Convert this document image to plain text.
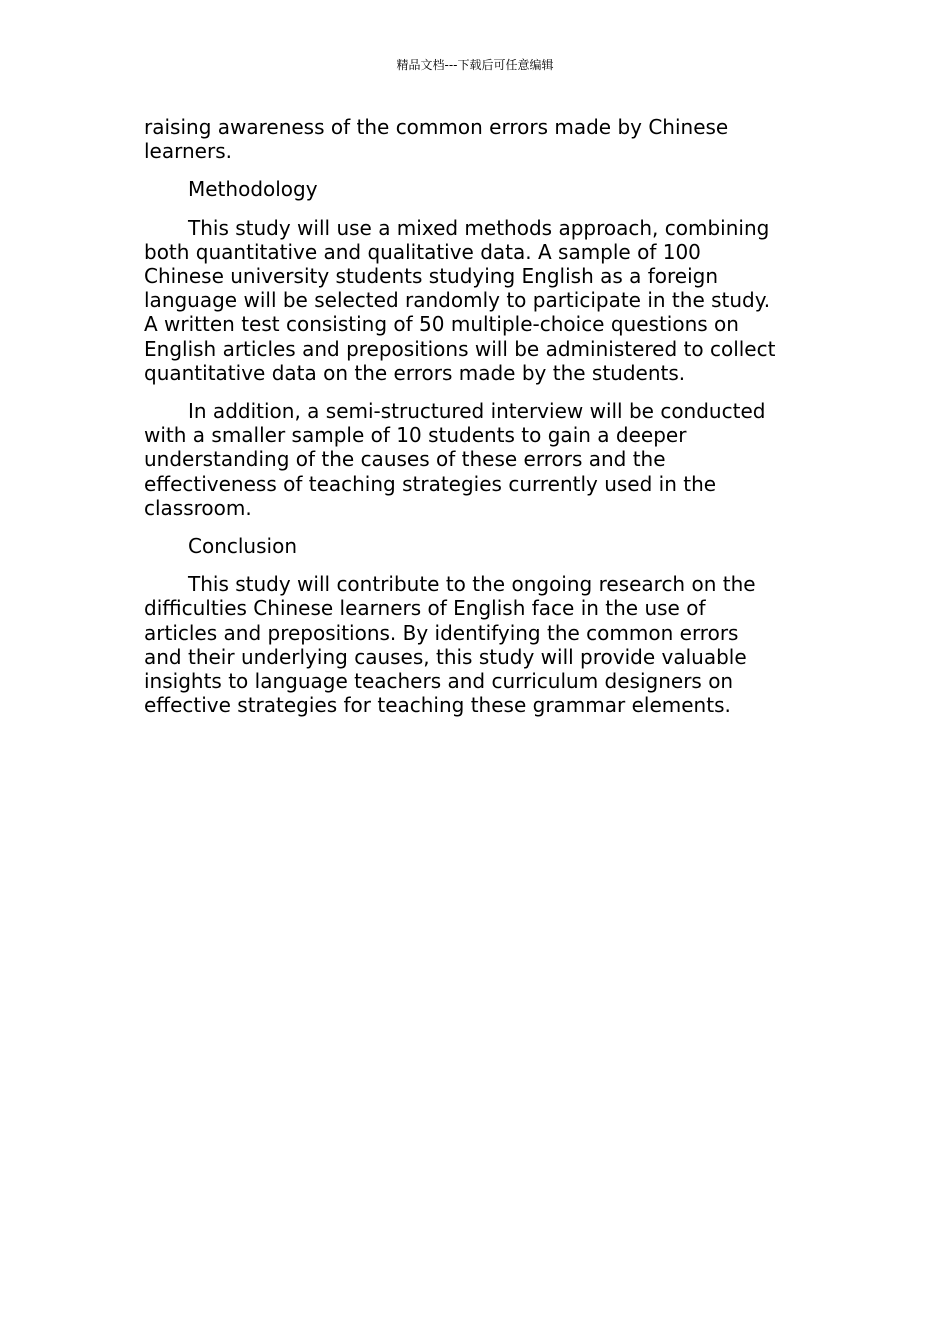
精品文档---下载后可任意编辑

raising awareness of the common errors made by Chinese
learners.

Methodology

This study will use a mixed methods approach, combining
both quantitative and qualitative data. A sample of 100
Chinese university students studying English as a foreign
language will be selected randomly to participate in the study.
A written test consisting of 50 multiple-choice questions on
English articles and prepositions will be administered to collect
quantitative data on the errors made by the students.

In addition, a semi-structured interview will be conducted
with a smaller sample of 10 students to gain a deeper
understanding of the causes of these errors and the
effectiveness of teaching strategies currently used in the
classroom.

Conclusion

This study will contribute to the ongoing research on the
difficulties Chinese learners of English face in the use of
articles and prepositions. By identifying the common errors
and their underlying causes, this study will provide valuable
insights to language teachers and curriculum designers on
effective strategies for teaching these grammar elements.
